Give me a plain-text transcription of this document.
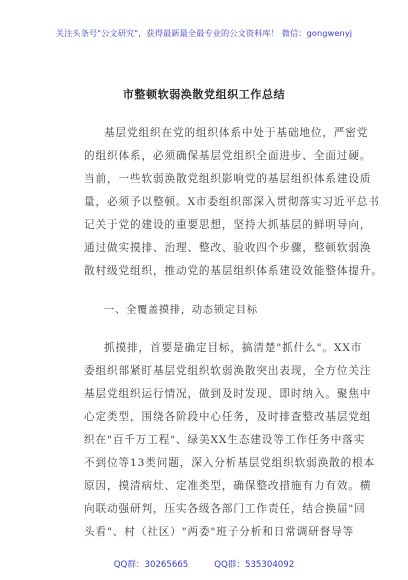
关注头条号"公文研究"，获得最新最全最专业的公文资料库！ 微信：gongwenyj
市整顿软弱涣散党组织工作总结
基层党组织在党的组织体系中处于基础地位，严密党
的组织体系，必须确保基层党组织全面进步、全面过硬。
当前，一些软弱涣散党组织影响党的基层组织体系建设质
量，必须予以整顿。X市委组织部深入贯彻落实习近平总书
记关于党的建设的重要思想，坚持大抓基层的鲜明导向，
通过做实摸排、治理、整改、验收四个步骤，整顿软弱涣
散村级党组织，推动党的基层组织体系建设效能整体提升。
一、全覆盖摸排，动态锁定目标
抓摸排，首要是确定目标，搞清楚"抓什么"。XX市
委组织部紧盯基层党组织软弱涣散突出表现，全方位关注
基层党组织运行情况，做到及时发现、即时纳入。聚焦中
心定类型，围绕各阶段中心任务，及时排查整改基层党组
织在"百千万工程"、绿美XX生态建设等工作任务中落实
不到位等13类问题，深入分析基层党组织软弱涣散的根本
原因，摸清病灶、定准类型，确保整改措施有力有效。横
向联动强研判，压实各级各部门工作责任，结合换届"回
头看"、村（社区）"两委"班子分析和日常调研督导等
QQ群：30265665	QQ群：535304092
